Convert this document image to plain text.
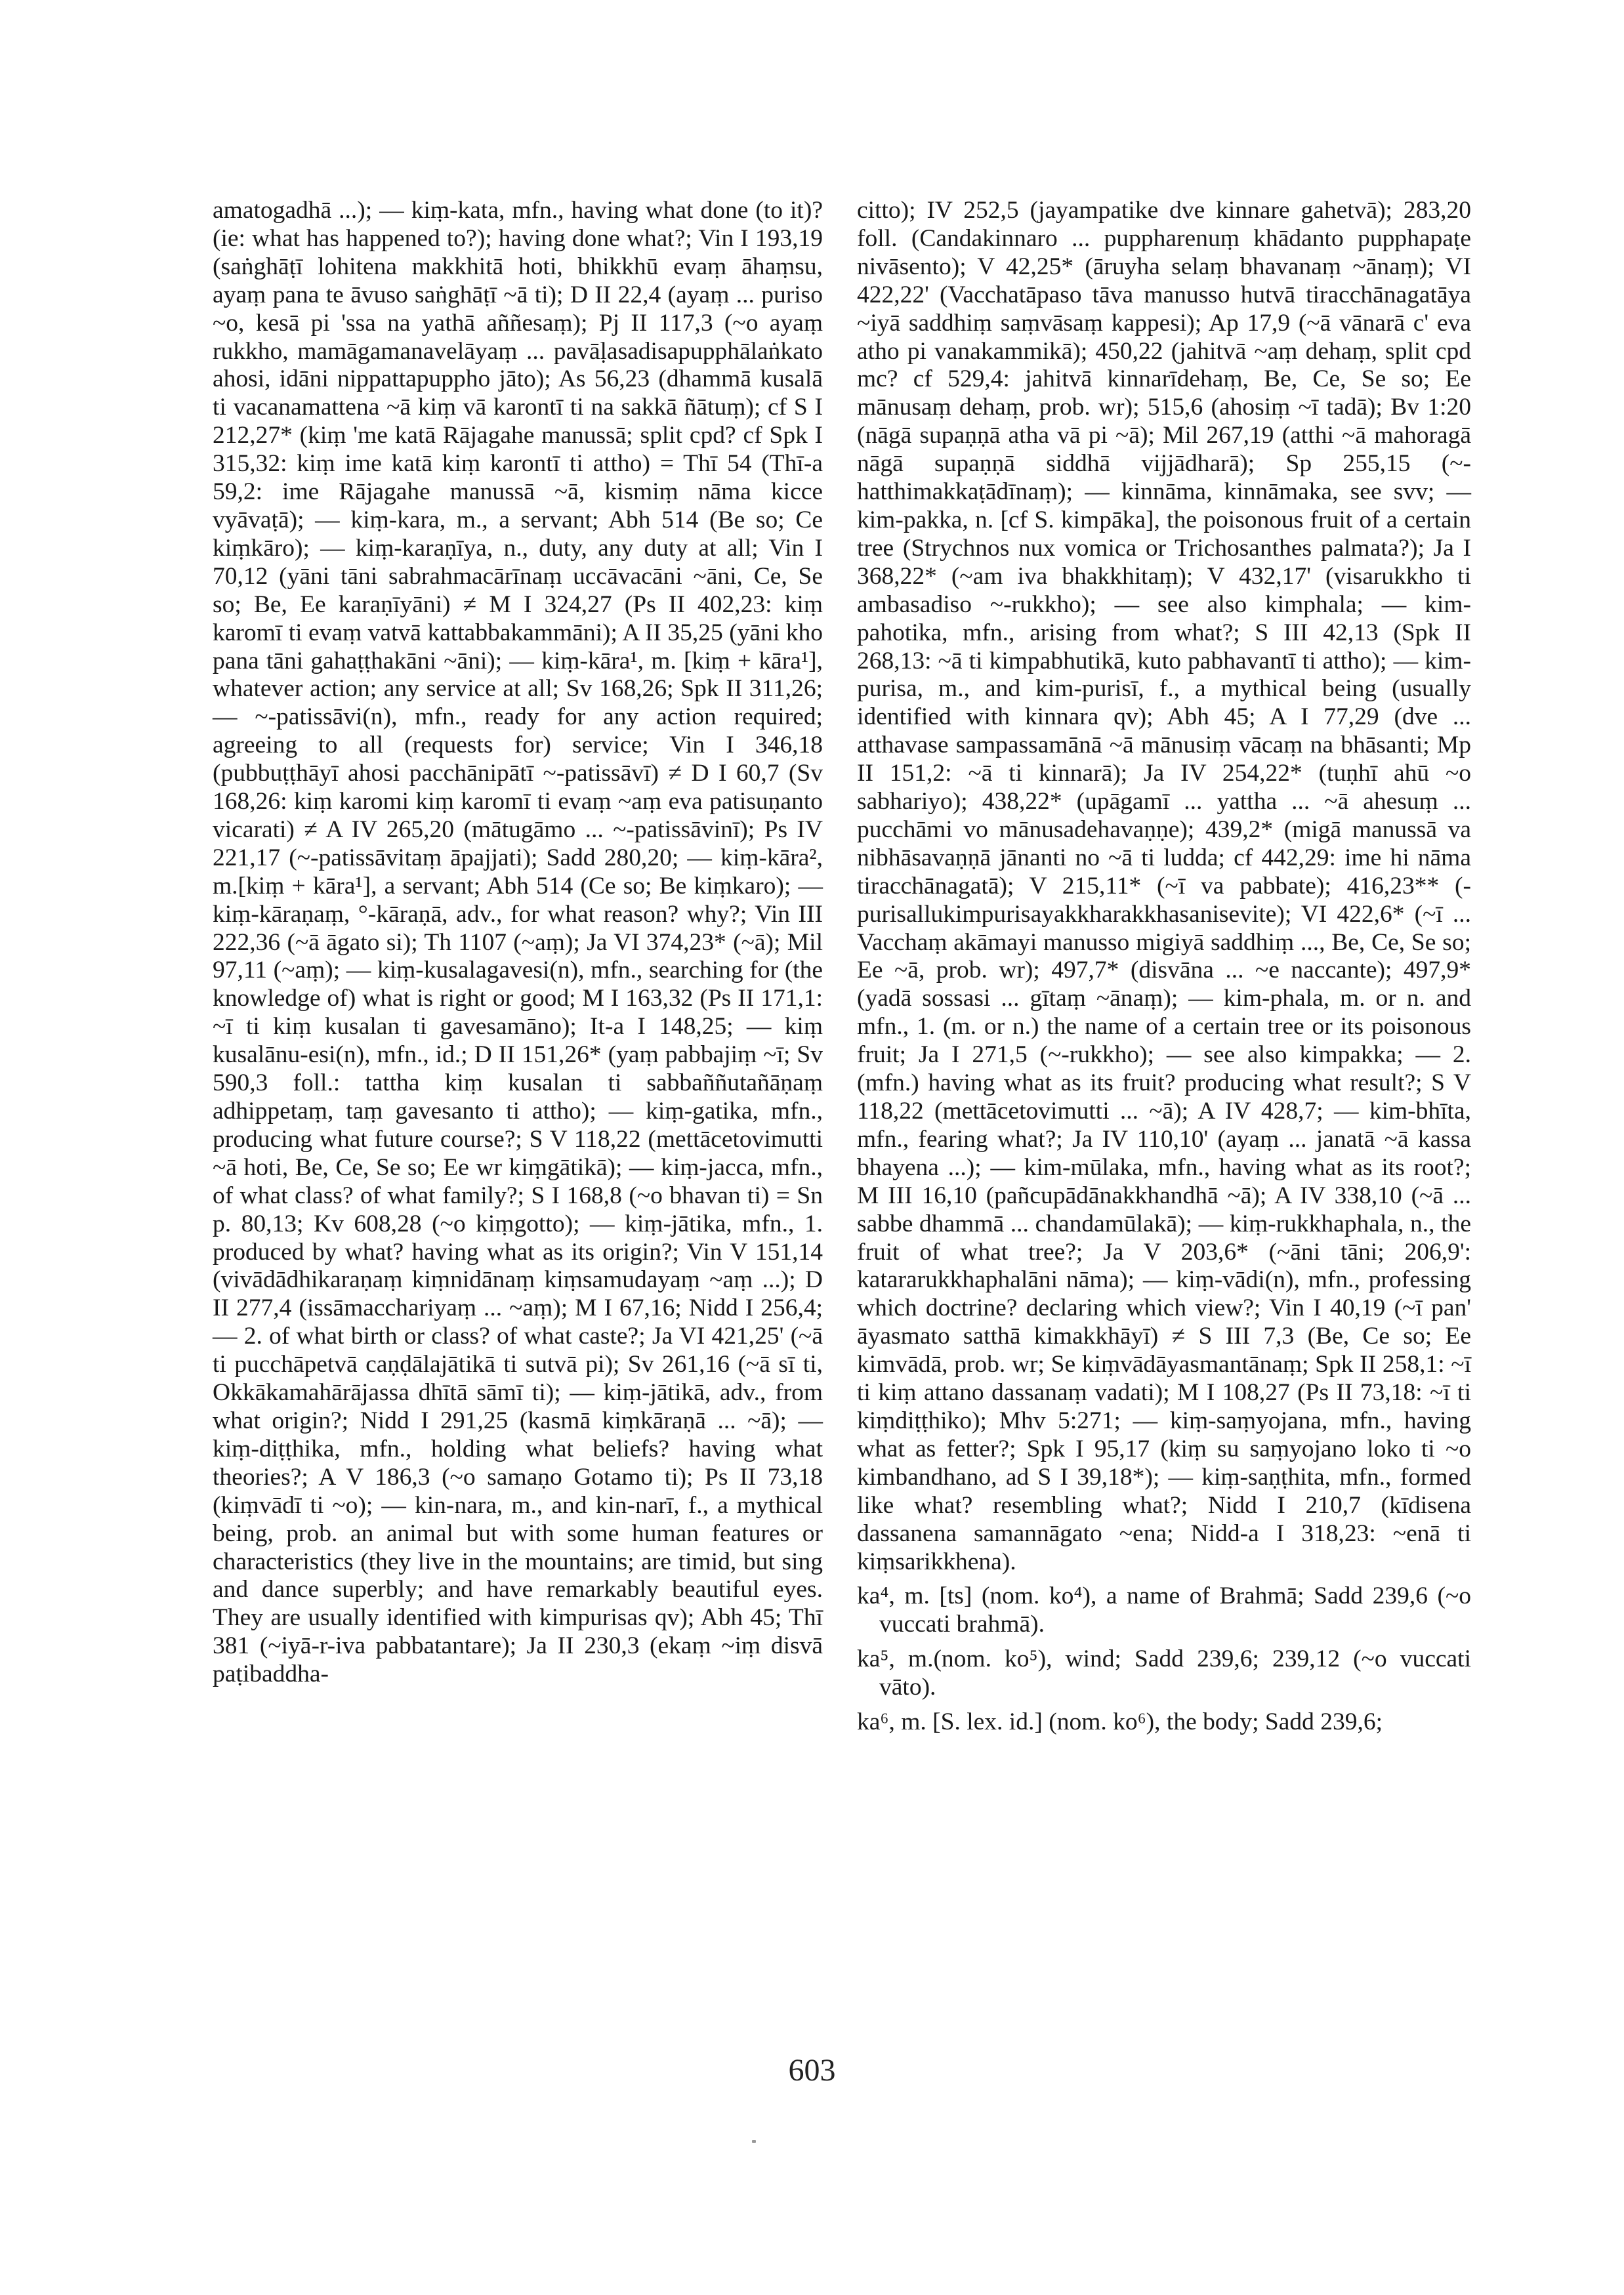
amatogadhā ...); — kiṃ-kata, mfn., having what done (to it)? (ie: what has happened to?); having done what?; Vin I 193,19 (saṅghāṭī lohitena makkhitā hoti, bhikkhū evaṃ āhaṃsu, ayaṃ pana te āvuso saṅghāṭī ~ā ti); D II 22,4 (ayaṃ ... puriso ~o, kesā pi 'ssa na yathā aññesaṃ); Pj II 117,3 (~o ayaṃ rukkho, mamāgamanavelāyaṃ ... pavāḷasadisapupphālaṅkato ahosi, idāni nippattapuppho jāto); As 56,23 (dhammā kusalā ti vacanamattena ~ā kiṃ vā karontī ti na sakkā ñātuṃ); cf S I 212,27* (kiṃ 'me katā Rājagahe manussā; split cpd? cf Spk I 315,32: kiṃ ime katā kiṃ karontī ti attho) = Thī 54 (Thī-a 59,2: ime Rājagahe manussā ~ā, kismiṃ nāma kicce vyāvaṭā); — kiṃ-kara, m., a servant; Abh 514 (Be so; Ce kiṃkāro); — kiṃ-karaṇīya, n., duty, any duty at all; Vin I 70,12 (yāni tāni sabrahmacārīnaṃ uccāvacāni ~āni, Ce, Se so; Be, Ee karaṇīyāni) ≠ M I 324,27 (Ps II 402,23: kiṃ karomī ti evaṃ vatvā kattabbakammāni); A II 35,25 (yāni kho pana tāni gahaṭṭhakāni ~āni); — kiṃ-kāra¹, m. [kiṃ + kāra¹], whatever action; any service at all; Sv 168,26; Spk II 311,26; — ~-patissāvi(n), mfn., ready for any action required; agreeing to all (requests for) service; Vin I 346,18 (pubbuṭṭhāyī ahosi pacchānipātī ~-patissāvī) ≠ D I 60,7 (Sv 168,26: kiṃ karomi kiṃ karomī ti evaṃ ~aṃ eva patisuṇanto vicarati) ≠ A IV 265,20 (mātugāmo ... ~-patissāvinī); Ps IV 221,17 (~-patissāvitaṃ āpajjati); Sadd 280,20; — kiṃ-kāra², m.[kiṃ + kāra¹], a servant; Abh 514 (Ce so; Be kiṃkaro); — kiṃ-kāraṇaṃ, °-kāraṇā, adv., for what reason? why?; Vin III 222,36 (~ā āgato si); Th 1107 (~aṃ); Ja VI 374,23* (~ā); Mil 97,11 (~aṃ); — kiṃ-kusalagavesi(n), mfn., searching for (the knowledge of) what is right or good; M I 163,32 (Ps II 171,1: ~ī ti kiṃ kusalan ti gavesamāno); It-a I 148,25; — kiṃ kusalānu-esi(n), mfn., id.; D II 151,26* (yaṃ pabbajiṃ ~ī; Sv 590,3 foll.: tattha kiṃ kusalan ti sabbaññutañāṇaṃ adhippetaṃ, taṃ gavesanto ti attho); — kiṃ-gatika, mfn., producing what future course?; S V 118,22 (mettācetovimutti ~ā hoti, Be, Ce, Se so; Ee wr kiṃgātikā); — kiṃ-jacca, mfn., of what class? of what family?; S I 168,8 (~o bhavan ti) = Sn p. 80,13; Kv 608,28 (~o kiṃgotto); — kiṃ-jātika, mfn., 1. produced by what? having what as its origin?; Vin V 151,14 (vivādādhikaraṇaṃ kiṃnidānaṃ kiṃsamudayaṃ ~aṃ ...); D II 277,4 (issāmacchariyaṃ ... ~aṃ); M I 67,16; Nidd I 256,4; — 2. of what birth or class? of what caste?; Ja VI 421,25' (~ā ti pucchāpetvā caṇḍālajātikā ti sutvā pi); Sv 261,16 (~ā sī ti, Okkākamahārājassa dhītā sāmī ti); — kiṃ-jātikā, adv., from what origin?; Nidd I 291,25 (kasmā kiṃkāraṇā ... ~ā); — kiṃ-diṭṭhika, mfn., holding what beliefs? having what theories?; A V 186,3 (~o samaṇo Gotamo ti); Ps II 73,18 (kiṃvādī ti ~o); — kin-nara, m., and kin-narī, f., a mythical being, prob. an animal but with some human features or characteristics (they live in the mountains; are timid, but sing and dance superbly; and have remarkably beautiful eyes. They are usually identified with kimpurisas qv); Abh 45; Thī 381 (~iyā-r-iva pabbatantare); Ja II 230,3 (ekaṃ ~iṃ disvā paṭibaddha-

citto); IV 252,5 (jayampatike dve kinnare gahetvā); 283,20 foll. (Candakinnaro ... puppharenuṃ khādanto pupphapaṭe nivāsento); V 42,25* (āruyha selaṃ bhavanaṃ ~ānaṃ); VI 422,22' (Vacchatāpaso tāva manusso hutvā tiracchānagatāya ~iyā saddhiṃ saṃvāsaṃ kappesi); Ap 17,9 (~ā vānarā c' eva atho pi vanakammikā); 450,22 (jahitvā ~aṃ dehaṃ, split cpd mc? cf 529,4: jahitvā kinnarīdehaṃ, Be, Ce, Se so; Ee mānusaṃ dehaṃ, prob. wr); 515,6 (ahosiṃ ~ī tadā); Bv 1:20 (nāgā supaṇṇā atha vā pi ~ā); Mil 267,19 (atthi ~ā mahoragā nāgā supaṇṇā siddhā vijjādharā); Sp 255,15 (~-hatthimakkaṭādīnaṃ); — kinnāma, kinnāmaka, see svv; — kim-pakka, n. [cf S. kimpāka], the poisonous fruit of a certain tree (Strychnos nux vomica or Trichosanthes palmata?); Ja I 368,22* (~am iva bhakkhitaṃ); V 432,17' (visarukkho ti ambasadiso ~-rukkho); — see also kimphala; — kim-pahotika, mfn., arising from what?; S III 42,13 (Spk II 268,13: ~ā ti kimpabhutikā, kuto pabhavantī ti attho); — kim-purisa, m., and kim-purisī, f., a mythical being (usually identified with kinnara qv); Abh 45; A I 77,29 (dve ... atthavase sampassamānā ~ā mānusiṃ vācaṃ na bhāsanti; Mp II 151,2: ~ā ti kinnarā); Ja IV 254,22* (tuṇhī ahū ~o sabhariyo); 438,22* (upāgamī ... yattha ... ~ā ahesuṃ ... pucchāmi vo mānusadehavaṇṇe); 439,2* (migā manussā va nibhāsavaṇṇā jānanti no ~ā ti ludda; cf 442,29: ime hi nāma tiracchānagatā); V 215,11* (~ī va pabbate); 416,23** (-purisallukimpurisayakkharakkhasanisevite); VI 422,6* (~ī ... Vacchaṃ akāmayi manusso migiyā saddhiṃ ..., Be, Ce, Se so; Ee ~ā, prob. wr); 497,7* (disvāna ... ~e naccante); 497,9* (yadā sossasi ... gītaṃ ~ānaṃ); — kim-phala, m. or n. and mfn., 1. (m. or n.) the name of a certain tree or its poisonous fruit; Ja I 271,5 (~-rukkho); — see also kimpakka; — 2. (mfn.) having what as its fruit? producing what result?; S V 118,22 (mettācetovimutti ... ~ā); A IV 428,7; — kim-bhīta, mfn., fearing what?; Ja IV 110,10' (ayaṃ ... janatā ~ā kassa bhayena ...); — kim-mūlaka, mfn., having what as its root?; M III 16,10 (pañcupādānakkhandhā ~ā); A IV 338,10 (~ā ... sabbe dhammā ... chandamūlakā); — kiṃ-rukkhaphala, n., the fruit of what tree?; Ja V 203,6* (~āni tāni; 206,9': katararukkhaphalāni nāma); — kiṃ-vādi(n), mfn., professing which doctrine? declaring which view?; Vin I 40,19 (~ī pan' āyasmato satthā kimakkhāyī) ≠ S III 7,3 (Be, Ce so; Ee kimvādā, prob. wr; Se kiṃvādāyasmantānaṃ; Spk II 258,1: ~ī ti kiṃ attano dassanaṃ vadati); M I 108,27 (Ps II 73,18: ~ī ti kiṃdiṭṭhiko); Mhv 5:271; — kiṃ-saṃyojana, mfn., having what as fetter?; Spk I 95,17 (kiṃ su saṃyojano loko ti ~o kimbandhano, ad S I 39,18*); — kiṃ-saṇṭhita, mfn., formed like what? resembling what?; Nidd I 210,7 (kīdisena dassanena samannāgato ~ena; Nidd-a I 318,23: ~enā ti kiṃsarikkhena).

ka⁴, m. [ts] (nom. ko⁴), a name of Brahmā; Sadd 239,6 (~o vuccati brahmā).

ka⁵, m.(nom. ko⁵), wind; Sadd 239,6; 239,12 (~o vuccati vāto).

ka⁶, m. [S. lex. id.] (nom. ko⁶), the body; Sadd 239,6;

603
